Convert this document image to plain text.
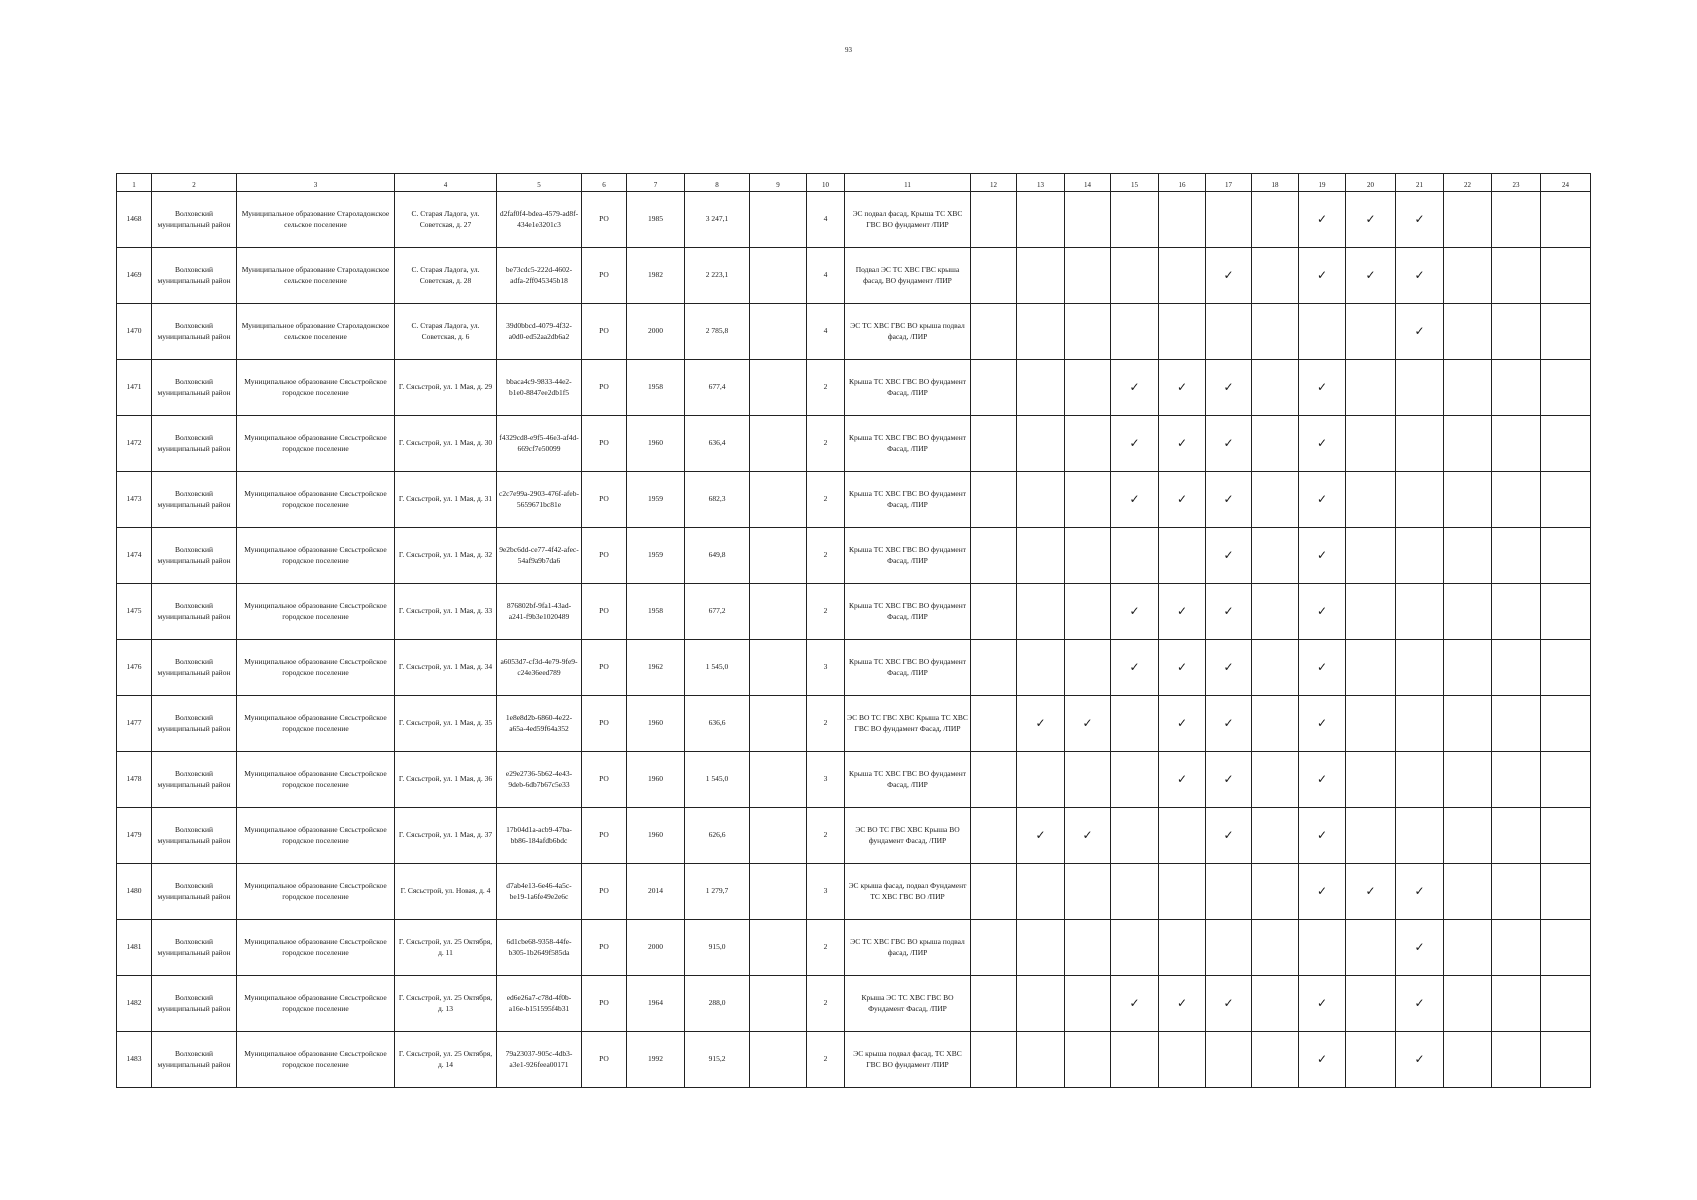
93
1	2	3	4	5	6	7	8	9	10	11	12	13	14	15	16	17	18	19	20	21	22	23	24
1468	Волховский муниципальный район	Муниципальное образование Староладожское сельское поселение	С. Старая Ладога, ул. Советская, д. 27	d2faf0f4-bdea-4579-ad8f-434e1e3201c3	РО	1985	3 247,1		4	ЭС подвал фасад, Крыша ТС ХВС ГВС ВО фундамент /ПИР								✓	✓	✓			
1469	Волховский муниципальный район	Муниципальное образование Староладожское сельское поселение	С. Старая Ладога, ул. Советская, д. 28	be73cdc5-222d-4602-adfa-2ff045345b18	РО	1982	2 223,1		4	Подвал ЭС ТС ХВС ГВС крыша фасад, ВО фундамент /ПИР						✓		✓	✓	✓			
1470	Волховский муниципальный район	Муниципальное образование Староладожское сельское поселение	С. Старая Ладога, ул. Советская, д. 6	39d0bbcd-4079-4f32-a0d0-ed52aa2db6a2	РО	2000	2 785,8		4	ЭС ТС ХВС ГВС ВО крыша подвал фасад, /ПИР										✓			
1471	Волховский муниципальный район	Муниципальное образование Сясьстройское городское поселение	Г. Сясьстрой, ул. 1 Мая, д. 29	bbaca4c9-9833-44e2-b1e0-8847ee2db1f5	РО	1958	677,4		2	Крыша ТС ХВС ГВС ВО фундамент Фасад, /ПИР				✓	✓	✓		✓					
1472	Волховский муниципальный район	Муниципальное образование Сясьстройское городское поселение	Г. Сясьстрой, ул. 1 Мая, д. 30	f4329cd8-e9f5-46e3-af4d-669cf7e50099	РО	1960	636,4		2	Крыша ТС ХВС ГВС ВО фундамент Фасад, /ПИР				✓	✓	✓		✓					
1473	Волховский муниципальный район	Муниципальное образование Сясьстройское городское поселение	Г. Сясьстрой, ул. 1 Мая, д. 31	c2c7e99a-2903-476f-afeb-5659671bc81e	РО	1959	682,3		2	Крыша ТС ХВС ГВС ВО фундамент Фасад, /ПИР				✓	✓	✓		✓					
1474	Волховский муниципальный район	Муниципальное образование Сясьстройское городское поселение	Г. Сясьстрой, ул. 1 Мая, д. 32	9e2bc6dd-ce77-4f42-afec-54af9a9b7da6	РО	1959	649,8		2	Крыша ТС ХВС ГВС ВО фундамент Фасад, /ПИР						✓		✓					
1475	Волховский муниципальный район	Муниципальное образование Сясьстройское городское поселение	Г. Сясьстрой, ул. 1 Мая, д. 33	876802bf-9fa1-43ad-a241-f9b3e1020489	РО	1958	677,2		2	Крыша ТС ХВС ГВС ВО фундамент Фасад, /ПИР				✓	✓	✓		✓					
1476	Волховский муниципальный район	Муниципальное образование Сясьстройское городское поселение	Г. Сясьстрой, ул. 1 Мая, д. 34	a6053d7-cf3d-4e79-9fe9-c24e36eed789	РО	1962	1 545,0		3	Крыша ТС ХВС ГВС ВО фундамент Фасад, /ПИР				✓	✓	✓		✓					
1477	Волховский муниципальный район	Муниципальное образование Сясьстройское городское поселение	Г. Сясьстрой, ул. 1 Мая, д. 35	1e8e8d2b-6860-4e22-a65a-4ed59f64a352	РО	1960	636,6		2	ЭС ВО ТС ГВС ХВС Крыша ТС ХВС ГВС ВО фундамент Фасад, /ПИР		✓	✓		✓	✓		✓					
1478	Волховский муниципальный район	Муниципальное образование Сясьстройское городское поселение	Г. Сясьстрой, ул. 1 Мая, д. 36	e29e2736-5b62-4e43-9deb-6db7b67c5e33	РО	1960	1 545,0		3	Крыша ТС ХВС ГВС ВО фундамент Фасад, /ПИР					✓	✓		✓					
1479	Волховский муниципальный район	Муниципальное образование Сясьстройское городское поселение	Г. Сясьстрой, ул. 1 Мая, д. 37	17b04d1a-acb9-47ba-bb86-184afdb6bdc	РО	1960	626,6		2	ЭС ВО ТС ГВС ХВС Крыша ВО фундамент Фасад, /ПИР		✓	✓			✓		✓					
1480	Волховский муниципальный район	Муниципальное образование Сясьстройское городское поселение	Г. Сясьстрой, ул. Новая, д. 4	d7ab4e13-6e46-4a5c-be19-1a6fe49e2e6c	РО	2014	1 279,7		3	ЭС крыша фасад, подвал Фундамент ТС ХВС ГВС ВО /ПИР								✓	✓	✓			
1481	Волховский муниципальный район	Муниципальное образование Сясьстройское городское поселение	Г. Сясьстрой, ул. 25 Октября, д. 11	6d1cbe68-9358-44fe-b305-1b2649f585da	РО	2000	915,0		2	ЭС ТС ХВС ГВС ВО крыша подвал фасад, /ПИР										✓			
1482	Волховский муниципальный район	Муниципальное образование Сясьстройское городское поселение	Г. Сясьстрой, ул. 25 Октября, д. 13	ed6e26a7-c78d-4f0b-a16e-b151595f4b31	РО	1964	288,0		2	Крыша ЭС ТС ХВС ГВС ВО Фундамент Фасад, /ПИР				✓	✓	✓		✓		✓			
1483	Волховский муниципальный район	Муниципальное образование Сясьстройское городское поселение	Г. Сясьстрой, ул. 25 Октября, д. 14	79a23037-905c-4db3-a3e1-926feea00171	РО	1992	915,2		2	ЭС крыша подвал фасад, ТС ХВС ГВС ВО фундамент /ПИР								✓		✓			
